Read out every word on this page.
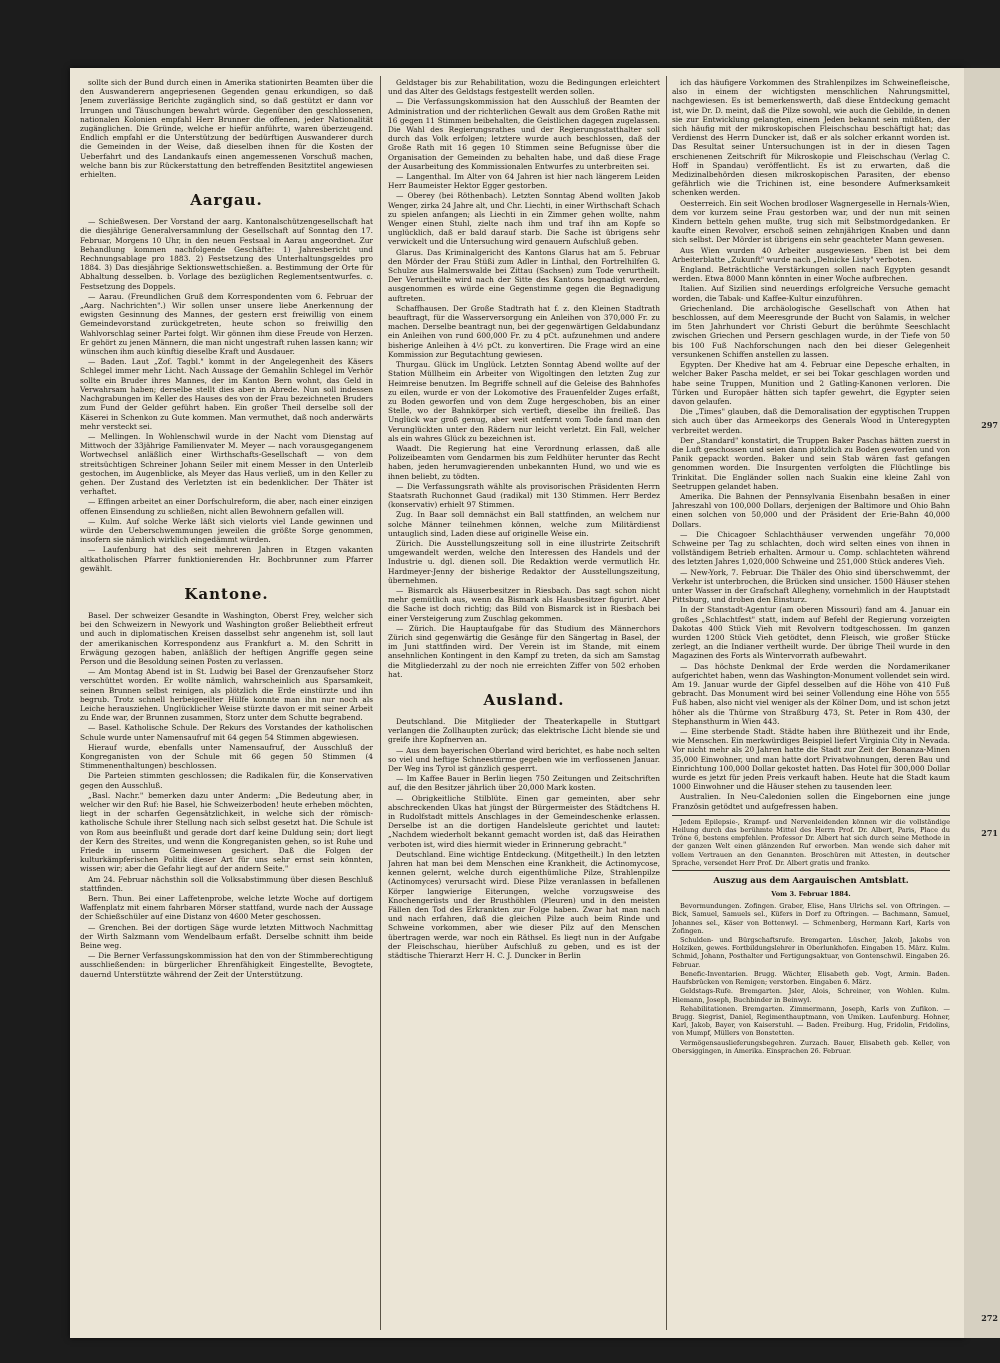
sollte sich der Bund durch einen in Amerika stationirten Beamten über die den Auswanderern angepriesenen Gegenden genau erkundigen, so daß Jenem zuverlässige Berichte zugänglich sind, so daß gestützt er dann vor Irrungen und Täuschungen bewahrt würde. Gegenüber den geschlossenen, nationalen Kolonien empfahl Herr Brunner die offenen, jeder Nationalität zugänglichen. Die Gründe, welche er hiefür anführte, waren überzeugend. Endlich empfahl er die Unterstützung der bedürftigen Auswanderer durch die Gemeinden in der Weise, daß dieselben ihnen für die Kosten der Ueberfahrt und des Landankaufs einen angemessenen Vorschuß machen, welche bann bis zur Rückerstattung den betreffenden Besitztitel angewiesen erhielten.

Aargau.

— Schießwesen. Der Vorstand der aarg. Kantonalschützengesellschaft hat die diesjährige Generalversammlung der Gesellschaft auf Sonntag den 17. Februar, Morgens 10 Uhr, in den neuen Festsaal in Aarau angeordnet. Zur Behandlung kommen nachfolgende Geschäfte: 1) Jahresbericht und Rechnungsablage pro 1883. 2) Festsetzung des Unterhaltungsgeldes pro 1884. 3) Das diesjährige Sektionswettschießen. a. Bestimmung der Orte für Abhaltung desselben. b. Vorlage des bezüglichen Reglementsentwurfes. c. Festsetzung des Doppels.

— Aarau. (Freundlichen Gruß dem Korrespondenten vom 6. Februar der „Aarg. Nachrichten".) Wir sollen unser unsere liebe Anerkennung der ewigsten Gesinnung des Mannes, der gestern erst freiwillig von einem Gemeindevorstand zurückgetreten, heute schon so freiwillig den Wahlvorschlag seiner Partei folgt. Wir gönnen ihm diese Freude von Herzen. Er gehört zu jenen Männern, die man nicht ungestraft ruhen lassen kann; wir wünschen ihm auch künftig dieselbe Kraft und Ausdauer.

— Baden. Laut „Zof. Tagbl." kommt in der Angelegenheit des Käsers Schlegel immer mehr Licht. Nach Aussage der Gemahlin Schlegel im Verhör sollte ein Bruder ihres Mannes, der im Kanton Bern wohnt, das Geld in Verwahrsam haben; derselbe stellt dies aber in Abrede. Nun soll indessen Nachgrabungen im Keller des Hauses des von der Frau bezeichneten Bruders zum Fund der Gelder geführt haben. Ein großer Theil derselbe soll der Käserei in Schenkon zu Gute kommen. Man vermuthet, daß noch anderwärts mehr versteckt sei.

— Mellingen. In Wohlenschwil wurde in der Nacht vom Dienstag auf Mittwoch der 33jährige Familienvater M. Meyer — nach vorausgegangenem Wortwechsel anläßlich einer Wirthschafts-Gesellschaft — von dem streitsüchtigen Schreiner Johann Seiler mit einem Messer in den Unterleib gestochen, im Augenblicke, als Meyer das Haus verließ, um in den Keller zu gehen. Der Zustand des Verletzten ist ein bedenklicher. Der Thäter ist verhaftet.

— Effingen arbeitet an einer Dorfschulreform, die aber, nach einer einzigen offenen Einsendung zu schließen, nicht allen Bewohnern gefallen will.

— Kulm. Auf solche Werke läßt sich vielorts viel Lande gewinnen und würde den Ueberschwemmungen jeweilen die größte Sorge genommen, insofern sie nämlich wirklich eingedämmt würden.

— Laufenburg hat des seit mehreren Jahren in Etzgen vakanten altkatholischen Pfarrer funktionierenden Hr. Bochbrunner zum Pfarrer gewählt.

Kantone.

Basel. Der schweizer Gesandte in Washington, Oberst Frey, welcher sich bei den Schweizern in Newyork und Washington großer Beliebtheit erfreut und auch in diplomatischen Kreisen dasselbst sehr angenehm ist, soll laut der amerikanischen Korrespondenz aus Frankfurt a. M. den Schritt in Erwägung gezogen haben, anläßlich der heftigen Angriffe gegen seine Person und die Besoldung seinen Posten zu verlassen.

— Am Montag Abend ist in St. Ludwig bei Basel der Grenzaufseher Storz verschüttet worden. Er wollte nämlich, wahrscheinlich aus Sparsamkeit, seinen Brunnen selbst reinigen, als plötzlich die Erde einstürzte und ihn begrub. Trotz schnell herbeigeeilter Hülfe konnte man ihn nur noch als Leiche herausziehen. Unglücklicher Weise stürzte davon er mit seiner Arbeit zu Ende war, der Brunnen zusammen, Storz unter dem Schutte begrabend.

— Basel. Katholische Schule. Der Rekurs des Vorstandes der katholischen Schule wurde unter Namensaufruf mit 64 gegen 54 Stimmen abgewiesen.

Hierauf wurde, ebenfalls unter Namensaufruf, der Ausschluß der Kongreganisten von der Schule mit 66 gegen 50 Stimmen (4 Stimmenenthaltungen) beschlossen.

Die Parteien stimmten geschlossen; die Radikalen für, die Konservativen gegen den Ausschluß.

„Basl. Nachr." bemerken dazu unter Anderm: „Die Bedeutung aber, in welcher wir den Ruf: hie Basel, hie Schweizerboden! heute erheben möchten, liegt in der scharfen Gegensätzlichkeit, in welche sich der römisch-katholische Schule ihrer Stellung nach sich selbst gesetzt hat. Die Schule ist von Rom aus beeinflußt und gerade dort darf keine Duldung sein; dort liegt der Kern des Streites, und wenn die Kongreganisten gehen, so ist Ruhe und Friede in unserm Gemeinwesen gesichert. Daß die Folgen der kulturkämpferischen Politik dieser Art für uns sehr ernst sein könnten, wissen wir; aber die Gefahr liegt auf der andern Seite."

Am 24. Februar nächsthin soll die Volksabstimmung über diesen Beschluß stattfinden.

Bern. Thun. Bei einer Laffetenprobe, welche letzte Woche auf dortigem Waffenplatz mit einem fahrbaren Mörser stattfand, wurde nach der Aussage der Schießschüler auf eine Distanz von 4600 Meter geschossen.

— Grenchen. Bei der dortigen Säge wurde letzten Mittwoch Nachmittag der Wirth Salzmann vom Wendelbaum erfaßt. Derselbe schnitt ihm beide Beine weg.

— Die Berner Verfassungskommission hat den von der Stimmberechtigung ausschließenden: in bürgerlicher Ehrenfähigkeit Eingestellte, Bevogtete, dauernd Unterstützte während der Zeit der Unterstützung.

Geldstager bis zur Rehabilitation, wozu die Bedingungen erleichtert und das Alter des Geldstags festgestellt werden sollen.

— Die Verfassungskommission hat den Ausschluß der Beamten der Administration und der richterlichen Gewalt aus dem Großen Rathe mit 16 gegen 11 Stimmen beibehalten, die Geistlichen dagegen zugelassen. Die Wahl des Regierungsrathes und der Regierungsstatthalter soll durch das Volk erfolgen; letztere wurde auch beschlossen, daß der Große Rath mit 16 gegen 10 Stimmen seine Befugnisse über die Organisation der Gemeinden zu behalten habe, und daß diese Frage der Ausarbeitung des Kommissionalen Entwurfes zu unterbreiten sei.

— Langenthal. Im Alter von 64 Jahren ist hier nach längerem Leiden Herr Baumeister Hektor Egger gestorben.

— Oberey (bei Röthenbach). Letzten Sonntag Abend wollten Jakob Wenger, zirka 24 Jahre alt, und Chr. Liechti, in einer Wirthschaft Schach zu spielen anfangen; als Liechti in ein Zimmer gehen wollte, nahm Wenger einen Stuhl, zielte nach ihm und traf ihn am Kopfe so unglücklich, daß er bald darauf starb. Die Sache ist übrigens sehr verwickelt und die Untersuchung wird genauern Aufschluß geben.

Glarus. Das Kriminalgericht des Kantons Glarus hat am 5. Februar den Mörder der Frau Stüßi zum Adler in Linthal, den Fortrelhilfen G. Schulze aus Halmerswalde bei Zittau (Sachsen) zum Tode verurtheilt. Der Verurtheilte wird nach der Sitte des Kantons begnadigt werden, ausgenommen es würde eine Gegenstimme gegen die Begnadigung auftreten.

Schaffhausen. Der Große Stadtrath hat f. z. den Kleinen Stadtrath beauftragt, für die Wasserversorgung ein Anleihen von 370,000 Fr. zu machen. Derselbe beantragt nun, bei der gegenwärtigen Geldabundanz ein Anleihen von rund 600,000 Fr. zu 4 pCt. aufzunehmen und andere bisherige Anleihen à 4½ pCt. zu konvertiren. Die Frage wird an eine Kommission zur Begutachtung gewiesen.

Thurgau. Glück im Unglück. Letzten Sonntag Abend wollte auf der Station Müllheim ein Arbeiter von Wigoltingen den letzten Zug zur Heimreise benutzen. Im Begriffe schnell auf die Geleise des Bahnhofes zu eilen, wurde er von der Lokomotive des Frauenfelder Zuges erfaßt, zu Boden geworfen und von dem Zuge hergeschoben, bis an einer Stelle, wo der Bahnkörper sich vertieft, dieselbe ihn freiließ. Das Unglück war groß genug, aber weit entfernt vom Tode fand man den Verunglückten unter den Rädern nur leicht verletzt. Ein Fall, welcher als ein wahres Glück zu bezeichnen ist.

Waadt. Die Regierung hat eine Verordnung erlassen, daß alle Polizeibeamten vom Gendarmen bis zum Feldhüter herunter das Recht haben, jeden herumvagierenden unbekannten Hund, wo und wie es ihnen beliebt, zu tödten.

— Die Verfassungsrath wählte als provisorischen Präsidenten Herrn Staatsrath Ruchonnet Gaud (radikal) mit 130 Stimmen. Herr Berdez (konservativ) erhielt 97 Stimmen.

Zug. In Baar soll demnächst ein Ball stattfinden, an welchem nur solche Männer teilnehmen können, welche zum Militärdienst untauglich sind, Laden diese auf originelle Weise ein.

Zürich. Die Ausstellungszeitung soll in eine illustrirte Zeitschrift umgewandelt werden, welche den Interessen des Handels und der Industrie u. dgl. dienen soll. Die Redaktion werde vermutlich Hr. Hardmeyer-Jenny der bisherige Redaktor der Ausstellungszeitung, übernehmen.

— Bismarck als Häuserbesitzer in Riesbach. Das sagt schon nicht mehr gemütlich aus, wenn da Bismark als Hausbesitzer figurirt. Aber die Sache ist doch richtig; das Bild von Bismarck ist in Riesbach bei einer Versteigerung zum Zuschlag gekommen.

— Zürich. Die Hauptaufgabe für das Studium des Männerchors Zürich sind gegenwärtig die Gesänge für den Sängertag in Basel, der im Juni stattfinden wird. Der Verein ist im Stande, mit einem ansehnlichen Kontingent in den Kampf zu treten, da sich am Samstag die Mitgliederzahl zu der noch nie erreichten Ziffer von 502 erhoben hat.

Ausland.

Deutschland. Die Mitglieder der Theaterkapelle in Stuttgart verlangen die Zollhaupten zurück; das elektrische Licht blende sie und greife ihre Kopfnerven an.

— Aus dem bayerischen Oberland wird berichtet, es habe noch selten so viel und heftige Schneestürme gegeben wie im verflossenen Januar. Der Weg ins Tyrol ist gänzlich gesperrt.

— Im Kaffee Bauer in Berlin liegen 750 Zeitungen und Zeitschriften auf, die den Besitzer jährlich über 20,000 Mark kosten.

— Obrigkeitliche Stilblüte. Einen gar gemeinten, aber sehr abschreckenden Ukas hat jüngst der Bürgermeister des Städtchens H. in Rudolfstadt mittels Anschlages in der Gemeindeschenke erlassen. Derselbe ist an die dortigen Handelsleute gerichtet und lautet: „Nachdem wiederholt bekannt gemacht worden ist, daß das Heirathen verboten ist, wird dies hiermit wieder in Erinnerung gebracht."

Deutschland. Eine wichtige Entdeckung. (Mitgetheilt.) In den letzten Jahren hat man bei dem Menschen eine Krankheit, die Actinomycose, kennen gelernt, welche durch eigenthümliche Pilze, Strahlenpilze (Actinomyces) verursacht wird. Diese Pilze veranlassen in befallenen Körper langwierige Eiterungen, welche vorzugsweise des Knochengerüsts und der Brusthöhlen (Pleuren) und in den meisten Fällen den Tod des Erkrankten zur Folge haben. Zwar hat man nach und nach erfahren, daß die gleichen Pilze auch beim Rinde und Schweine vorkommen, aber wie dieser Pilz auf den Menschen übertragen werde, war noch ein Räthsel. Es liegt nun in der Aufgabe der Fleischschau, hierüber Aufschluß zu geben, und es ist der städtische Thierarzt Herr H. C. J. Duncker in Berlin

ich das häufigere Vorkommen des Strahlenpilzes im Schweinefleische, also in einem der wichtigsten menschlichen Nahrungsmittel, nachgewiesen. Es ist bemerkenswerth, daß diese Entdeckung gemacht ist, wie Dr. D. meint, daß die Pilze sowohl, wie auch die Gebilde, in denen sie zur Entwicklung gelangten, einem Jeden bekannt sein müßten, der sich häufig mit der mikroskopischen Fleischschau beschäftigt hat; das Verdienst des Herrn Duncker ist, daß er als solcher erkannt worden ist. Das Resultat seiner Untersuchungen ist in der in diesen Tagen erschienenen Zeitschrift für Mikroskopie und Fleischschau (Verlag C. Hoff in Spandau) veröffentlicht. Es ist zu erwarten, daß die Medizinalbehörden diesen mikroskopischen Parasiten, der ebenso gefährlich wie die Trichinen ist, eine besondere Aufmerksamkeit schenken werden.

Oesterreich. Ein seit Wochen brodloser Wagnergeselle in Hernals-Wien, dem vor kurzem seine Frau gestorben war, und der nun mit seinen Kindern betteln gehen mußte, trug sich mit Selbstmordgedanken. Er kaufte einen Revolver, erschoß seinen zehnjährigen Knaben und dann sich selbst. Der Mörder ist übrigens ein sehr geachteter Mann gewesen.

Aus Wien wurden 40 Arbeiter ausgewiesen. Eben ist bei dem Arbeiterblatte „Zukunft" wurde nach „Delnicke Listy" verboten.

England. Beträchtliche Verstärkungen sollen nach Egypten gesandt werden. Etwa 8000 Mann könnten in einer Woche aufbrechen.

Italien. Auf Sizilien sind neuerdings erfolgreiche Versuche gemacht worden, die Tabak- und Kaffee-Kultur einzuführen.

Griechenland. Die archäologische Gesellschaft von Athen hat beschlossen, auf dem Meeresgrunde der Bucht von Salamis, in welcher im 5ten Jahrhundert vor Christi Geburt die berühmte Seeschlacht zwischen Griechen und Persern geschlagen wurde, in der Tiefe von 50 bis 100 Fuß Nachforschungen nach den bei dieser Gelegenheit versunkenen Schiffen anstellen zu lassen.

Egypten. Der Khedive hat am 4. Februar eine Depesche erhalten, in welcher Baker Pascha meldet, er sei bei Tokar geschlagen worden und habe seine Truppen, Munition und 2 Gatling-Kanonen verloren. Die Türken und Europäer hätten sich tapfer gewehrt, die Egypter seien davon gelaufen.

Die „Times" glauben, daß die Demoralisation der egyptischen Truppen sich auch über das Armeekorps des Generals Wood in Unteregypten verbreitet werden.

Der „Standard" konstatirt, die Truppen Baker Paschas hätten zuerst in die Luft geschossen und seien dann plötzlich zu Boden geworfen und von Panik gepackt worden. Baker und sein Stab wären fast gefangen genommen worden. Die Insurgenten verfolgten die Flüchtlinge bis Trinkitat. Die Engländer sollen nach Suakin eine kleine Zahl von Seetruppen gelandet haben.

Amerika. Die Bahnen der Pennsylvania Eisenbahn besaßen in einer Jahreszahl von 100,000 Dollars, derjenigen der Baltimore und Ohio Bahn einen solchen von 50,000 und der Präsident der Erie-Bahn 40,000 Dollars.

— Die Chicagoer Schlachthäuser verwenden ungefähr 70,000 Schweine per Tag zu schlachten, doch wird selten eines von ihnen in vollständigem Betrieb erhalten. Armour u. Comp. schlachteten während des letzten Jahres 1,020,000 Schweine und 251,000 Stück anderes Vieh.

— New-York, 7. Februar. Die Thäler des Ohio sind überschwemmt, der Verkehr ist unterbrochen, die Brücken sind unsicher. 1500 Häuser stehen unter Wasser in der Grafschaft Allegheny, vornehmlich in der Hauptstadt Pittsburg, und droben den Einsturz.

In der Stanstadt-Agentur (am oberen Missouri) fand am 4. Januar ein großes „Schlachtfest" statt, indem auf Befehl der Regierung vorzeigten Dakotas 400 Stück Vieh mit Revolvern todtgeschossen. Im ganzen wurden 1200 Stück Vieh getödtet, denn Fleisch, wie großer Stücke zerlegt, an die Indianer vertheilt wurde. Der übrige Theil wurde in den Magazinen des Forts als Wintervorrath aufbewahrt.

— Das höchste Denkmal der Erde werden die Nordamerikaner aufgerichtet haben, wenn das Washington-Monument vollendet sein wird. Am 19. Januar wurde der Gipfel desselben auf die Höhe von 410 Fuß gebracht. Das Monument wird bei seiner Vollendung eine Höhe von 555 Fuß haben, also nicht viel weniger als der Kölner Dom, und ist schon jetzt höher als die Thürme von Straßburg 473, St. Peter in Rom 430, der Stephansthurm in Wien 443.

— Eine sterbende Stadt. Städte haben ihre Blüthezeit und ihr Ende, wie Menschen. Ein merkwürdiges Beispiel liefert Virginia City in Nevada. Vor nicht mehr als 20 Jahren hatte die Stadt zur Zeit der Bonanza-Minen 35,000 Einwohner, und man hatte dort Privatwohnungen, deren Bau und Einrichtung 100,000 Dollar gekostet hatten. Das Hotel für 300,000 Dollar wurde es jetzt für jeden Preis verkauft haben. Heute hat die Stadt kaum 1000 Einwohner und die Häuser stehen zu tausenden leer.

Australien. In Neu-Caledonien sollen die Eingebornen eine junge Französin getödtet und aufgefressen haben.

Jedem Epilepsie-, Krampf- und Nervenleidenden können wir die vollständige Heilung durch das berühmte Mittel des Herrn Prof. Dr. Albert, Paris, Place du Trône 6, bestens empfehlen. Professor Dr. Albert hat sich durch seine Methode in der ganzen Welt einen glänzenden Ruf erworben. Man wende sich daher mit vollem Vertrauen an den Genannten. Broschüren mit Attesten, in deutscher Sprache, versendet Herr Prof. Dr. Albert gratis und franko.

Auszug aus dem Aargauischen Amtsblatt.
Vom 3. Februar 1884.

Bevormundungen. Zofingen. Graber, Elise, Hans Ulrichs sel. von Oftringen. — Bick, Samuel, Samuels sel., Küfers in Dorf zu Oftringen. — Bachmann, Samuel, Johannes sel., Käser von Bottenwyl. — Schmenberg, Hermann Karl, Karls von Zofingen.

Schulden- und Bürgschaftsrufe. Bremgarten. Lüscher, Jakob, Jakobs von Holziken, gewes. Fortbildungslehrer in Oberlunkhofen. Eingaben 15. März. Kulm. Schmid, Johann, Posthalter und Fertigungsaktuar, von Gontenschwil. Eingaben 26. Februar.

Benefic-Inventarien. Brugg. Wächter, Elisabeth geb. Vogt, Armin. Baden. Haufsbrücken von Remigen; verstorben. Eingaben 6. März.

Geldstags-Rufe. Bremgarten. Jsler, Alois, Schreiner, von Wohlen. Kulm. Hiemann, Joseph, Buchbinder in Beinwyl.

Rehabilitationen. Bremgarten. Zimmermann, Joseph, Karls von Zufikon. — Brugg. Siegrist, Daniel, Regimenthauptmann, von Umiken. Laufenburg. Hohner, Karl, Jakob, Bayer, von Kaiserstuhl. — Baden. Freiburg. Hug, Fridolin, Fridolins, von Mumpf, Müllers von Bonstetten.

Vermögensauslieferungsbegehren. Zurzach. Bauer, Elisabeth geb. Keller, von Obersiggingen, in Amerika. Einsprachen 26. Februar.

297
271
272
